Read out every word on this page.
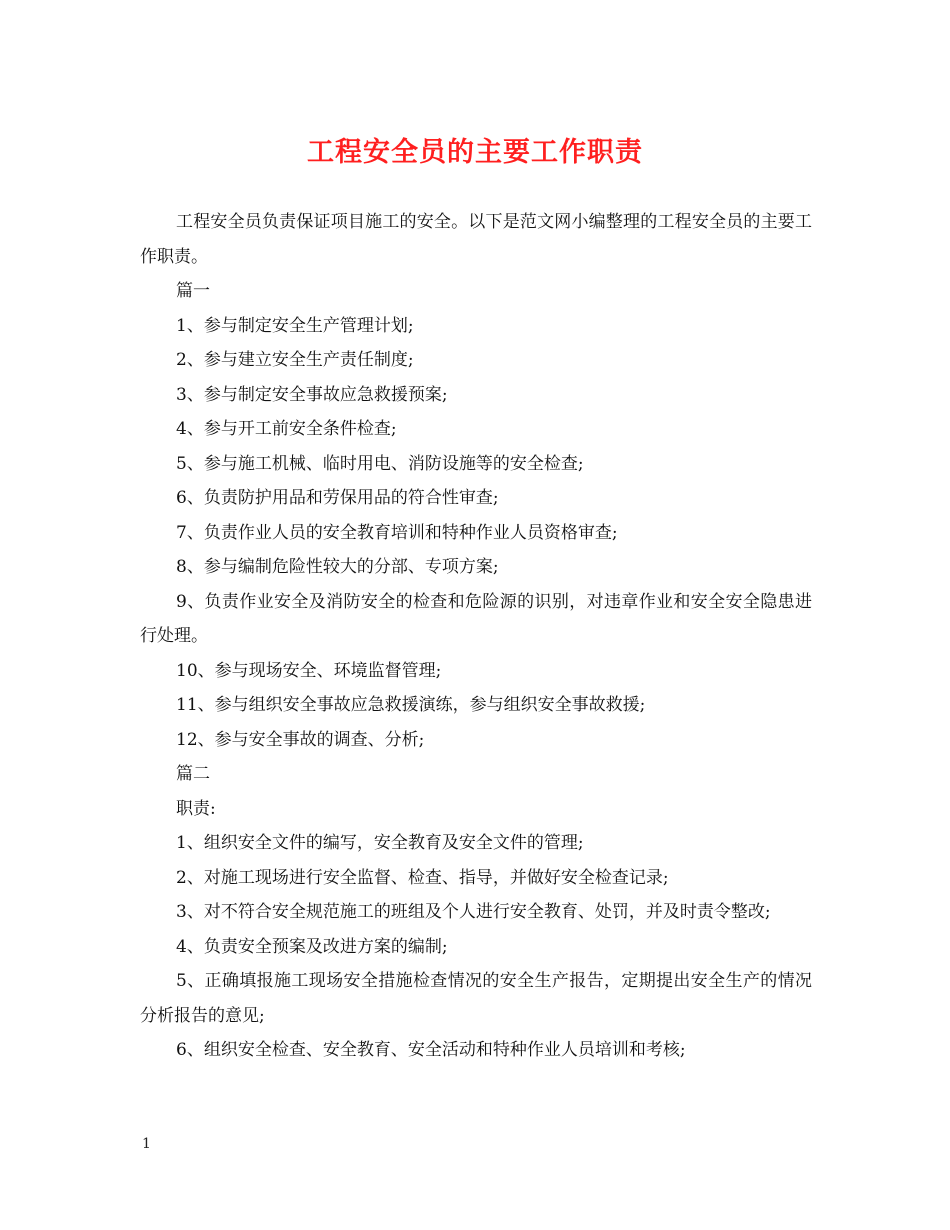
工程安全员的主要工作职责

工程安全员负责保证项目施工的安全。以下是范文网小编整理的工程安全员的主要工作职责。

篇一

1、参与制定安全生产管理计划;

2、参与建立安全生产责任制度;

3、参与制定安全事故应急救援预案;

4、参与开工前安全条件检查;

5、参与施工机械、临时用电、消防设施等的安全检查;

6、负责防护用品和劳保用品的符合性审查;

7、负责作业人员的安全教育培训和特种作业人员资格审查;

8、参与编制危险性较大的分部、专项方案;

9、负责作业安全及消防安全的检查和危险源的识别，对违章作业和安全安全隐患进行处理。

10、参与现场安全、环境监督管理;

11、参与组织安全事故应急救援演练，参与组织安全事故救援;

12、参与安全事故的调查、分析;

篇二

职责:

1、组织安全文件的编写，安全教育及安全文件的管理;

2、对施工现场进行安全监督、检查、指导，并做好安全检查记录;

3、对不符合安全规范施工的班组及个人进行安全教育、处罚，并及时责令整改;

4、负责安全预案及改进方案的编制;

5、正确填报施工现场安全措施检查情况的安全生产报告，定期提出安全生产的情况分析报告的意见;

6、组织安全检查、安全教育、安全活动和特种作业人员培训和考核;

1
